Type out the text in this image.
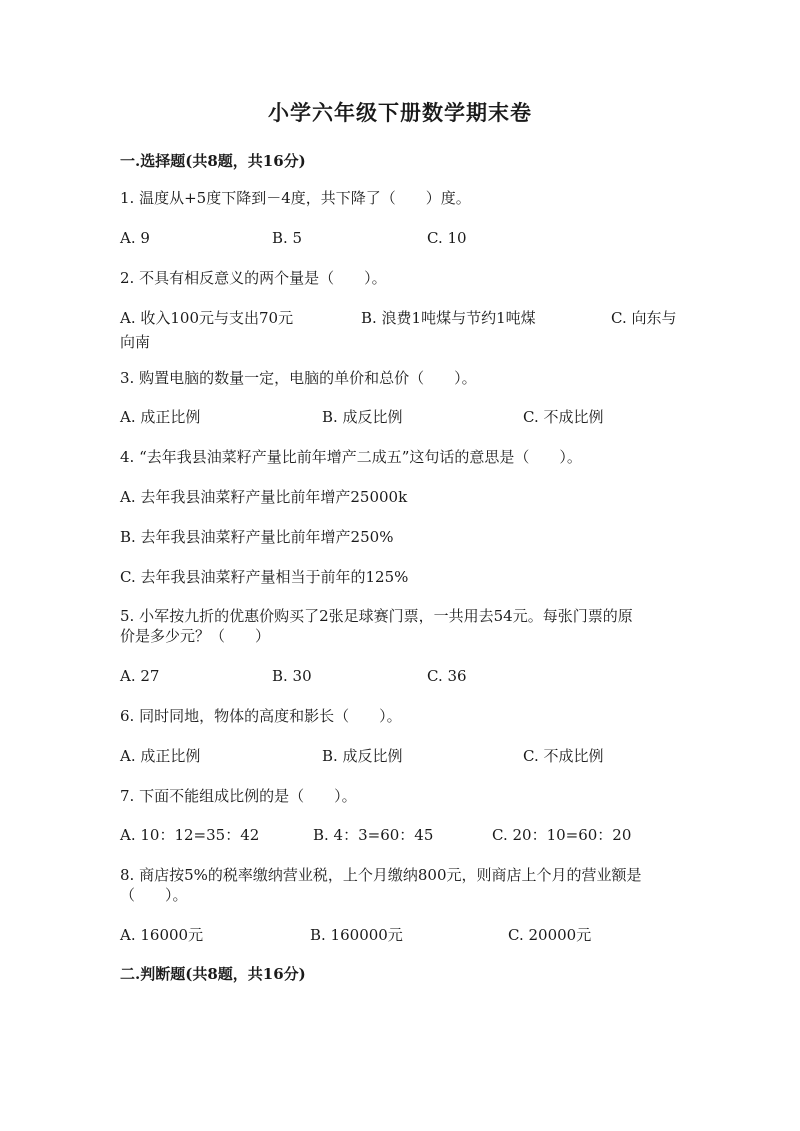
小学六年级下册数学期末卷
一.选择题(共8题，共16分)
1. 温度从+5度下降到－4度，共下降了（　　）度。
A. 9	B. 5	C. 10
2. 不具有相反意义的两个量是（　　）。
A. 收入100元与支出70元	B. 浪费1吨煤与节约1吨煤	C. 向东与
向南
3. 购置电脑的数量一定，电脑的单价和总价（　　）。
A. 成正比例	B. 成反比例	C. 不成比例
4. “去年我县油菜籽产量比前年增产二成五”这句话的意思是（　　）。
A. 去年我县油菜籽产量比前年增产25000k
B. 去年我县油菜籽产量比前年增产250%
C. 去年我县油菜籽产量相当于前年的125%
5. 小军按九折的优惠价购买了2张足球赛门票，一共用去54元。每张门票的原
价是多少元？（　　）
A. 27	B. 30	C. 36
6. 同时同地，物体的高度和影长（　　）。
A. 成正比例	B. 成反比例	C. 不成比例
7. 下面不能组成比例的是（　　）。
A. 10：12=35：42	B. 4：3=60：45	C. 20：10=60：20
8. 商店按5%的税率缴纳营业税，上个月缴纳800元，则商店上个月的营业额是
（　　）。
A. 16000元	B. 160000元	C. 20000元
二.判断题(共8题，共16分)
